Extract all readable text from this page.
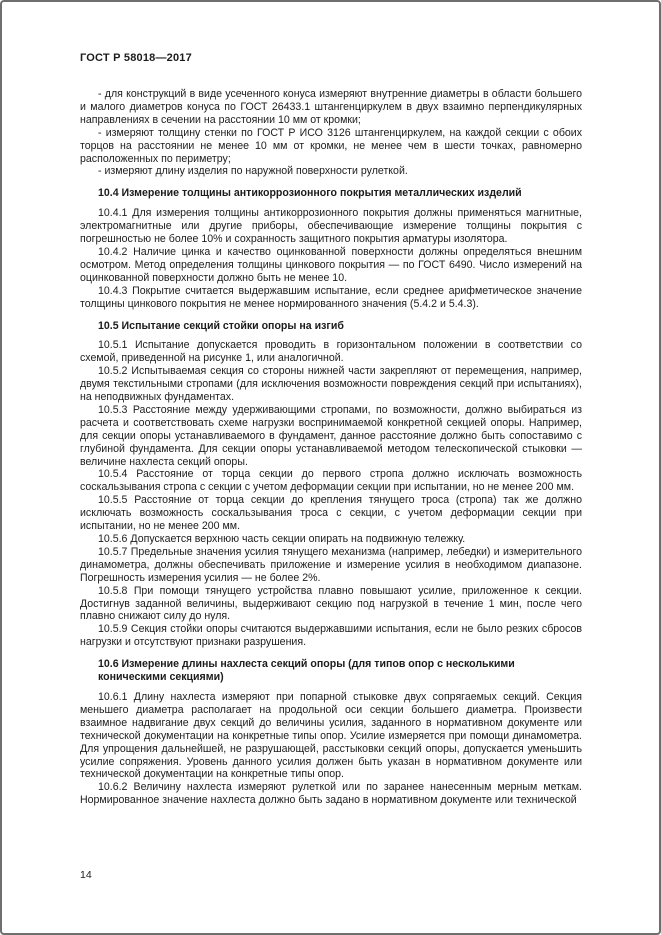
ГОСТ Р 58018—2017

- для конструкций в виде усеченного конуса измеряют внутренние диаметры в области большего и малого диаметров конуса по ГОСТ 26433.1 штангенциркулем в двух взаимно перпендикулярных направлениях в сечении на расстоянии 10 мм от кромки;

- измеряют толщину стенки по ГОСТ Р ИСО 3126 штангенциркулем, на каждой секции с обоих торцов на расстоянии не менее 10 мм от кромки, не менее чем в шести точках, равномерно расположенных по периметру;

- измеряют длину изделия по наружной поверхности рулеткой.

10.4 Измерение толщины антикоррозионного покрытия металлических изделий

10.4.1 Для измерения толщины антикоррозионного покрытия должны применяться магнитные, электромагнитные или другие приборы, обеспечивающие измерение толщины покрытия с погрешностью не более 10% и сохранность защитного покрытия арматуры изолятора.

10.4.2 Наличие цинка и качество оцинкованной поверхности должны определяться внешним осмотром. Метод определения толщины цинкового покрытия — по ГОСТ 6490. Число измерений на оцинкованной поверхности должно быть не менее 10.

10.4.3 Покрытие считается выдержавшим испытание, если среднее арифметическое значение толщины цинкового покрытия не менее нормированного значения (5.4.2 и 5.4.3).

10.5 Испытание секций стойки опоры на изгиб

10.5.1 Испытание допускается проводить в горизонтальном положении в соответствии со схемой, приведенной на рисунке 1, или аналогичной.

10.5.2 Испытываемая секция со стороны нижней части закрепляют от перемещения, например, двумя текстильными стропами (для исключения возможности повреждения секций при испытаниях), на неподвижных фундаментах.

10.5.3 Расстояние между удерживающими стропами, по возможности, должно выбираться из расчета и соответствовать схеме нагрузки воспринимаемой конкретной секцией опоры. Например, для секции опоры устанавливаемого в фундамент, данное расстояние должно быть сопоставимо с глубиной фундамента. Для секции опоры устанавливаемой методом телескопической стыковки — величине нахлеста секций опоры.

10.5.4 Расстояние от торца секции до первого стропа должно исключать возможность соскальзывания стропа с секции с учетом деформации секции при испытании, но не менее 200 мм.

10.5.5 Расстояние от торца секции до крепления тянущего троса (стропа) так же должно исключать возможность соскальзывания троса с секции, с учетом деформации секции при испытании, но не менее 200 мм.

10.5.6 Допускается верхнюю часть секции опирать на подвижную тележку.

10.5.7 Предельные значения усилия тянущего механизма (например, лебедки) и измерительного динамометра, должны обеспечивать приложение и измерение усилия в необходимом диапазоне. Погрешность измерения усилия — не более 2%.

10.5.8 При помощи тянущего устройства плавно повышают усилие, приложенное к секции. Достигнув заданной величины, выдерживают секцию под нагрузкой в течение 1 мин, после чего плавно снижают силу до нуля.

10.5.9 Секция стойки опоры считаются выдержавшими испытания, если не было резких сбросов нагрузки и отсутствуют признаки разрушения.

10.6 Измерение длины нахлеста секций опоры (для типов опор с несколькими коническими секциями)

10.6.1 Длину нахлеста измеряют при попарной стыковке двух сопрягаемых секций. Секция меньшего диаметра располагает на продольной оси секции большего диаметра. Произвести взаимное надвигание двух секций до величины усилия, заданного в нормативном документе или технической документации на конкретные типы опор. Усилие измеряется при помощи динамометра. Для упрощения дальнейшей, не разрушающей, расстыковки секций опоры, допускается уменьшить усилие сопряжения. Уровень данного усилия должен быть указан в нормативном документе или технической документации на конкретные типы опор.

10.6.2 Величину нахлеста измеряют рулеткой или по заранее нанесенным мерным меткам. Нормированное значение нахлеста должно быть задано в нормативном документе или технической

14
